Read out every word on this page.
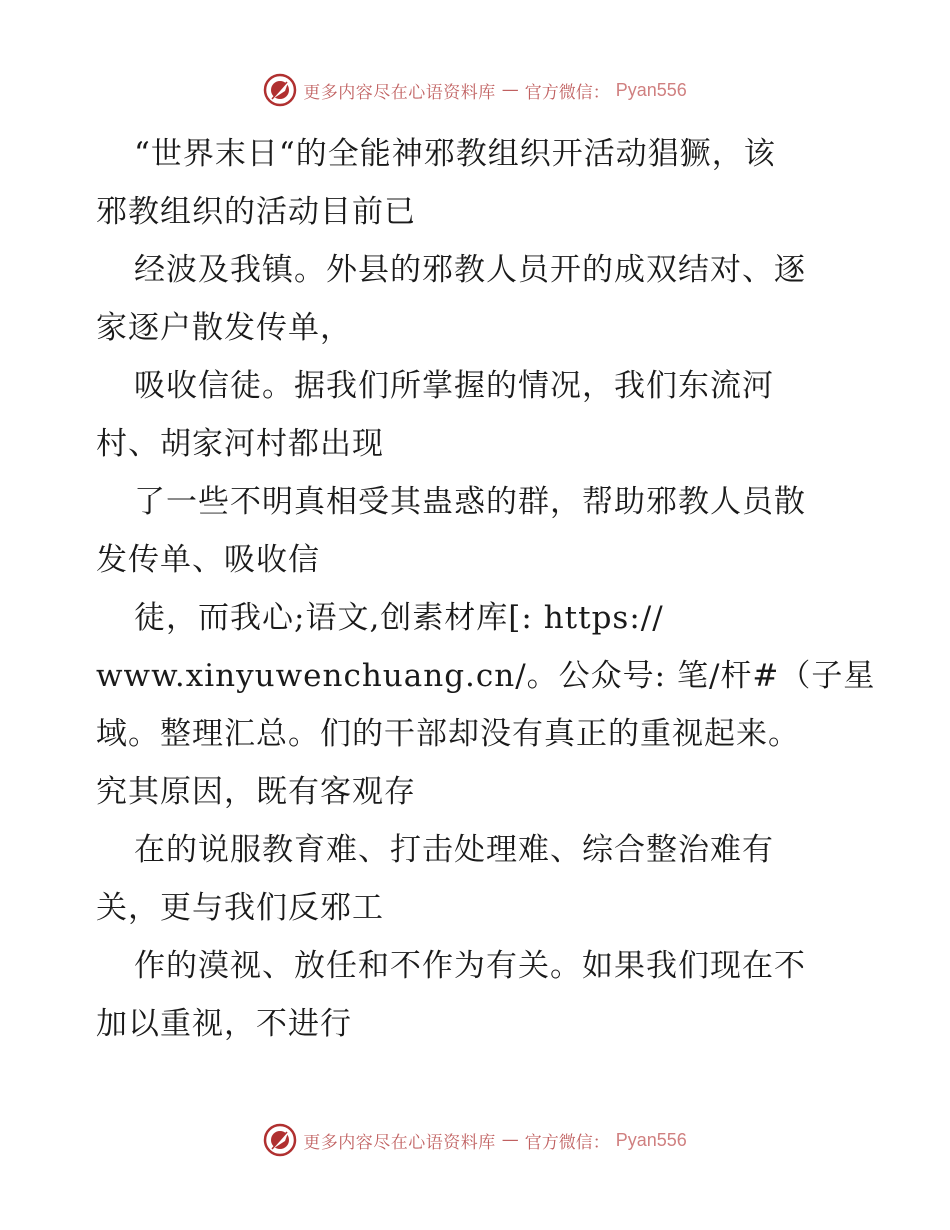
更多内容尽在心语资料库 — 官方微信： Pyan556
“世界末日“的全能神邪教组织开活动猖獗，该
邪教组织的活动目前已
经波及我镇。外县的邪教人员开的成双结对、逐
家逐户散发传单，
吸收信徒。据我们所掌握的情况，我们东流河
村、胡家河村都出现
了一些不明真相受其蛊惑的群，帮助邪教人员散
发传单、吸收信
徒，而我心;语文,创素材库[: https://
www.xinyuwenchuang.cn/。公众号: 笔/杆#（子星
域。整理汇总。们的干部却没有真正的重视起来。
究其原因，既有客观存
在的说服教育难、打击处理难、综合整治难有
关，更与我们反邪工
作的漠视、放任和不作为有关。如果我们现在不
加以重视，不进行
更多内容尽在心语资料库 — 官方微信： Pyan556
